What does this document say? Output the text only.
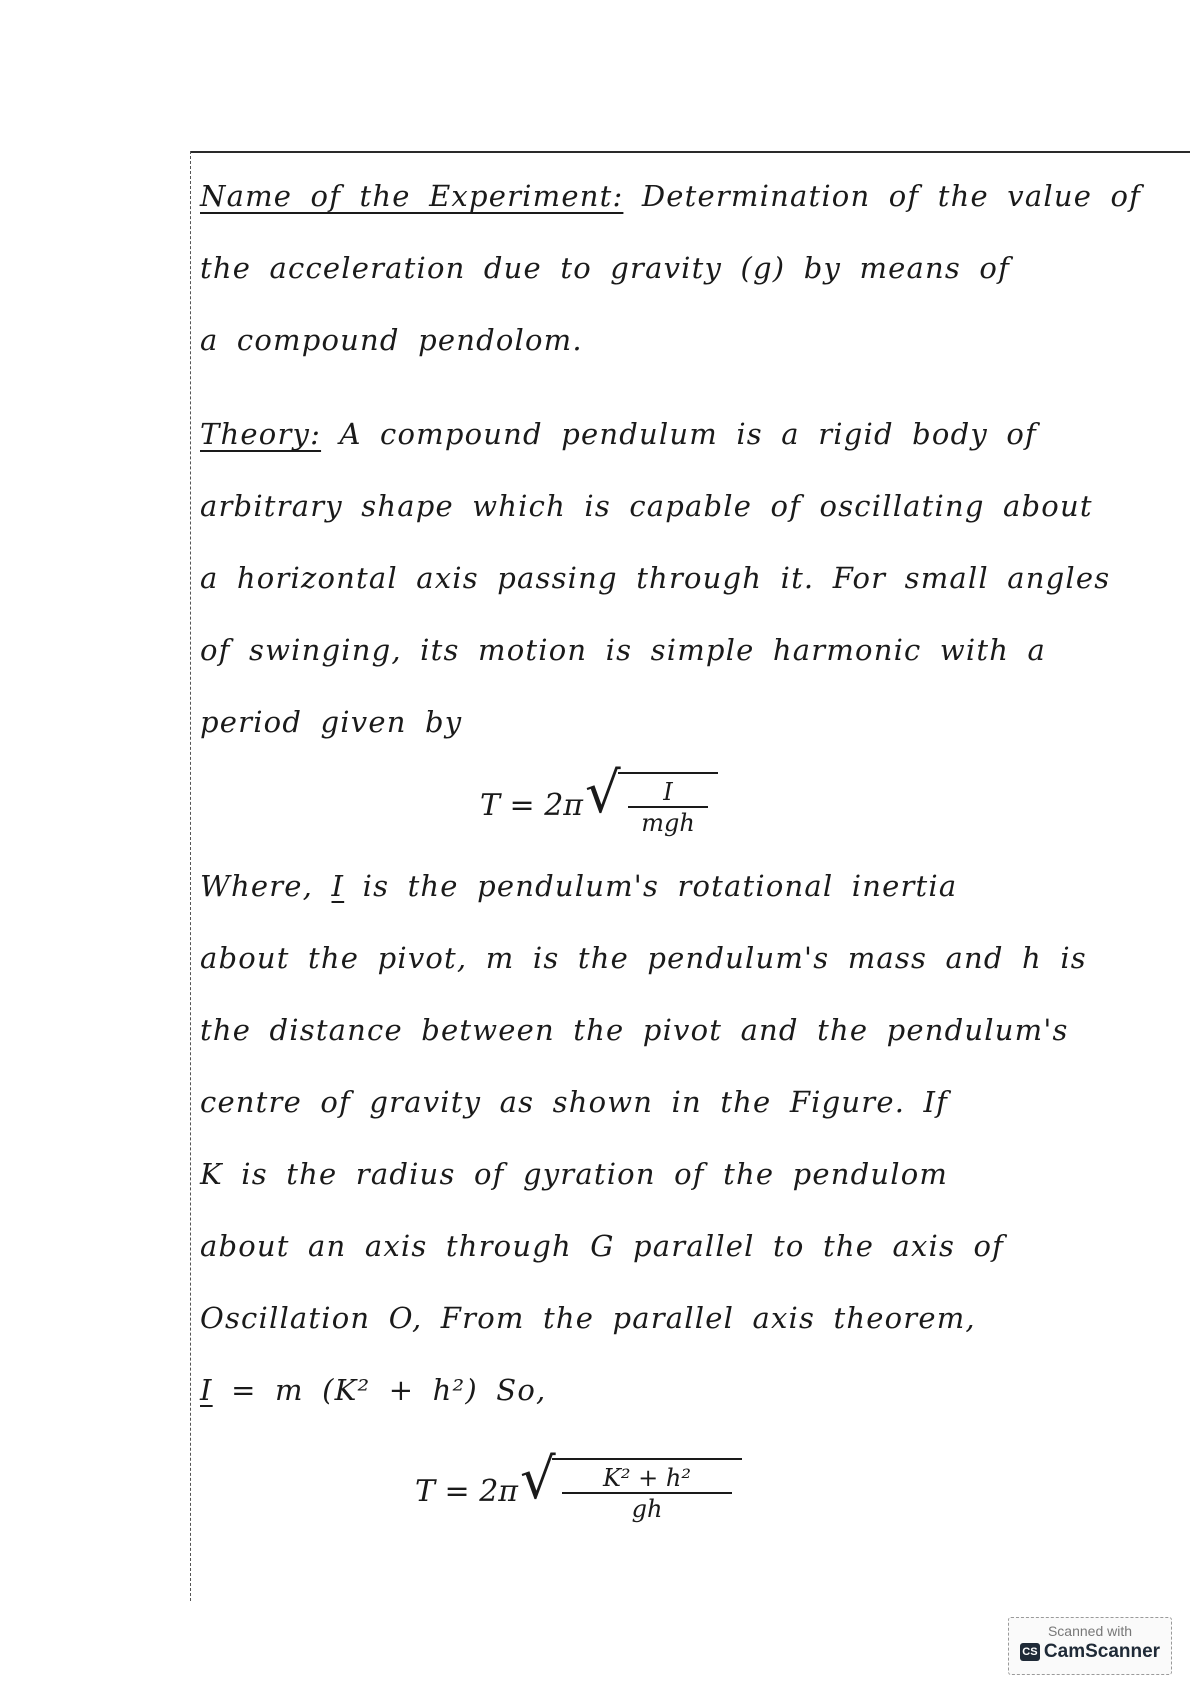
Name of the Experiment: Determination of the value of
the acceleration due to gravity (g) by means of
a compound pendolom.
Theory: A compound pendulum is a rigid body of
arbitrary shape which is capable of oscillating about
a horizontal axis passing through it. For small angles
of swinging, its motion is simple harmonic with a
period given by
T = 2π √	I
mgh
Where, I is the pendulum's rotational inertia
about the pivot, m is the pendulum's mass and h is
the distance between the pivot and the pendulum's
centre of gravity as shown in the Figure. If
K is the radius of gyration of the pendulom
about an axis through G parallel to the axis of
Oscillation O, From the parallel axis theorem,
I = m (K² + h²) So,
T = 2π √
$\frac{\text{K² + h²}}{gh}$
Scanned with
CS CamScanner
